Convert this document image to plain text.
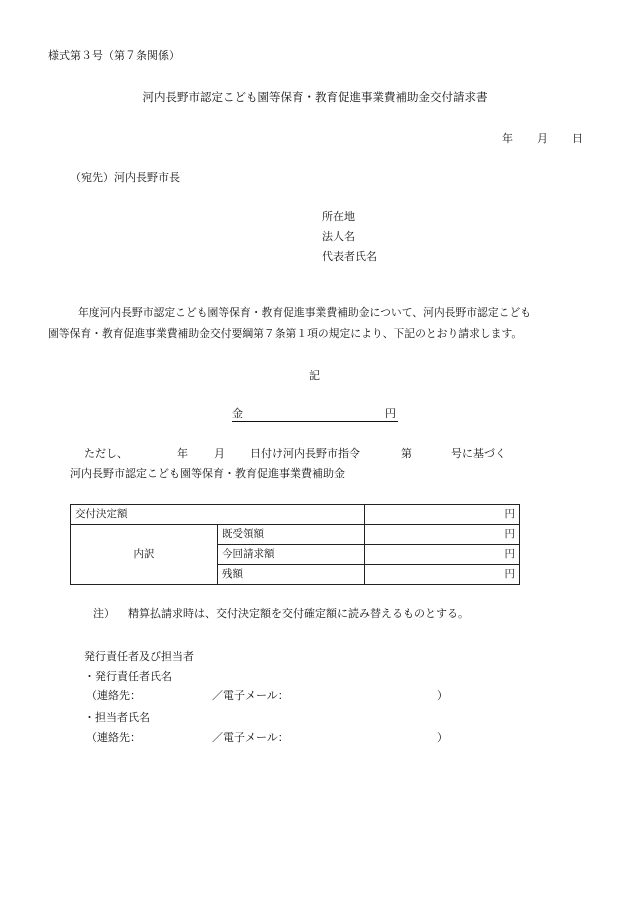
様式第３号（第７条関係）
河内長野市認定こども園等保育・教育促進事業費補助金交付請求書
年 月 日
（宛先）河内長野市長
所在地
法人名
代表者氏名
年度河内長野市認定こども園等保育・教育促進事業費補助金について、河内長野市認定こども
園等保育・教育促進事業費補助金交付要綱第７条第１項の規定により、下記のとおり請求します。
記
金	円
ただし、	年 月 日付け河内長野市指令	第	号に基づく
河内長野市認定こども園等保育・教育促進事業費補助金
交付決定額		円
内訳	既受領額	円
	今回請求額	円
	残額	円
注） 精算払請求時は、交付決定額を交付確定額に読み替えるものとする。
発行責任者及び担当者
・発行責任者氏名
（連絡先：	／電子メール：	）
・担当者氏名
（連絡先：	／電子メール：	）
